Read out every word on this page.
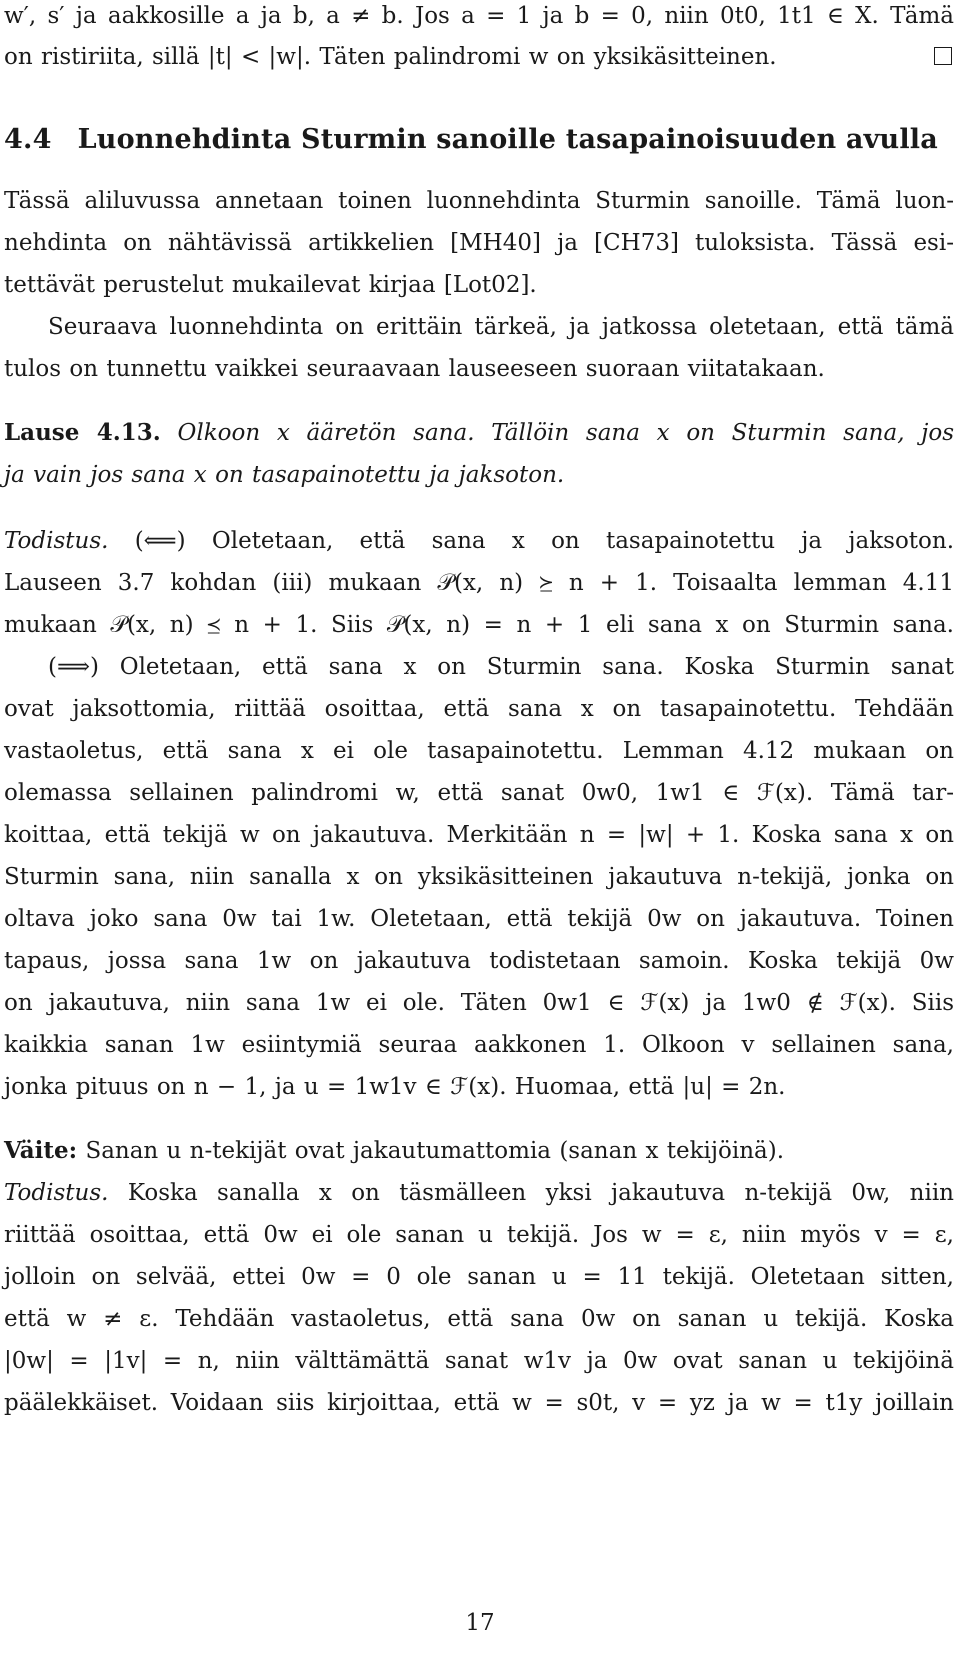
w′, s′ ja aakkosille a ja b, a ≠ b. Jos a = 1 ja b = 0, niin 0t0, 1t1 ∈ X. Tämä
on ristiriita, sillä |t| < |w|. Täten palindromi w on yksikäsitteinen.
4.4 Luonnehdinta Sturmin sanoille tasapainoisuuden avulla
Tässä aliluvussa annetaan toinen luonnehdinta Sturmin sanoille. Tämä luon-
nehdinta on nähtävissä artikkelien [MH40] ja [CH73] tuloksista. Tässä esi-
tettävät perustelut mukailevat kirjaa [Lot02].
Seuraava luonnehdinta on erittäin tärkeä, ja jatkossa oletetaan, että tämä
tulos on tunnettu vaikkei seuraavaan lauseeseen suoraan viitatakaan.
Lause 4.13. Olkoon x ääretön sana. Tällöin sana x on Sturmin sana, jos
ja vain jos sana x on tasapainotettu ja jaksoton.
Todistus. (⟸) Oletetaan, että sana x on tasapainotettu ja jaksoton.
Lauseen 3.7 kohdan (iii) mukaan 𝒫(x, n) ⪰ n + 1. Toisaalta lemman 4.11
mukaan 𝒫(x, n) ⪯ n + 1. Siis 𝒫(x, n) = n + 1 eli sana x on Sturmin sana.
(⟹) Oletetaan, että sana x on Sturmin sana. Koska Sturmin sanat
ovat jaksottomia, riittää osoittaa, että sana x on tasapainotettu. Tehdään
vastaoletus, että sana x ei ole tasapainotettu. Lemman 4.12 mukaan on
olemassa sellainen palindromi w, että sanat 0w0, 1w1 ∈ ℱ(x). Tämä tar-
koittaa, että tekijä w on jakautuva. Merkitään n = |w| + 1. Koska sana x on
Sturmin sana, niin sanalla x on yksikäsitteinen jakautuva n-tekijä, jonka on
oltava joko sana 0w tai 1w. Oletetaan, että tekijä 0w on jakautuva. Toinen
tapaus, jossa sana 1w on jakautuva todistetaan samoin. Koska tekijä 0w
on jakautuva, niin sana 1w ei ole. Täten 0w1 ∈ ℱ(x) ja 1w0 ∉ ℱ(x). Siis
kaikkia sanan 1w esiintymiä seuraa aakkonen 1. Olkoon v sellainen sana,
jonka pituus on n − 1, ja u = 1w1v ∈ ℱ(x). Huomaa, että |u| = 2n.
Väite: Sanan u n-tekijät ovat jakautumattomia (sanan x tekijöinä).
Todistus. Koska sanalla x on täsmälleen yksi jakautuva n-tekijä 0w, niin
riittää osoittaa, että 0w ei ole sanan u tekijä. Jos w = ε, niin myös v = ε,
jolloin on selvää, ettei 0w = 0 ole sanan u = 11 tekijä. Oletetaan sitten,
että w ≠ ε. Tehdään vastaoletus, että sana 0w on sanan u tekijä. Koska
|0w| = |1v| = n, niin välttämättä sanat w1v ja 0w ovat sanan u tekijöinä
päälekkäiset. Voidaan siis kirjoittaa, että w = s0t, v = yz ja w = t1y joillain
17
